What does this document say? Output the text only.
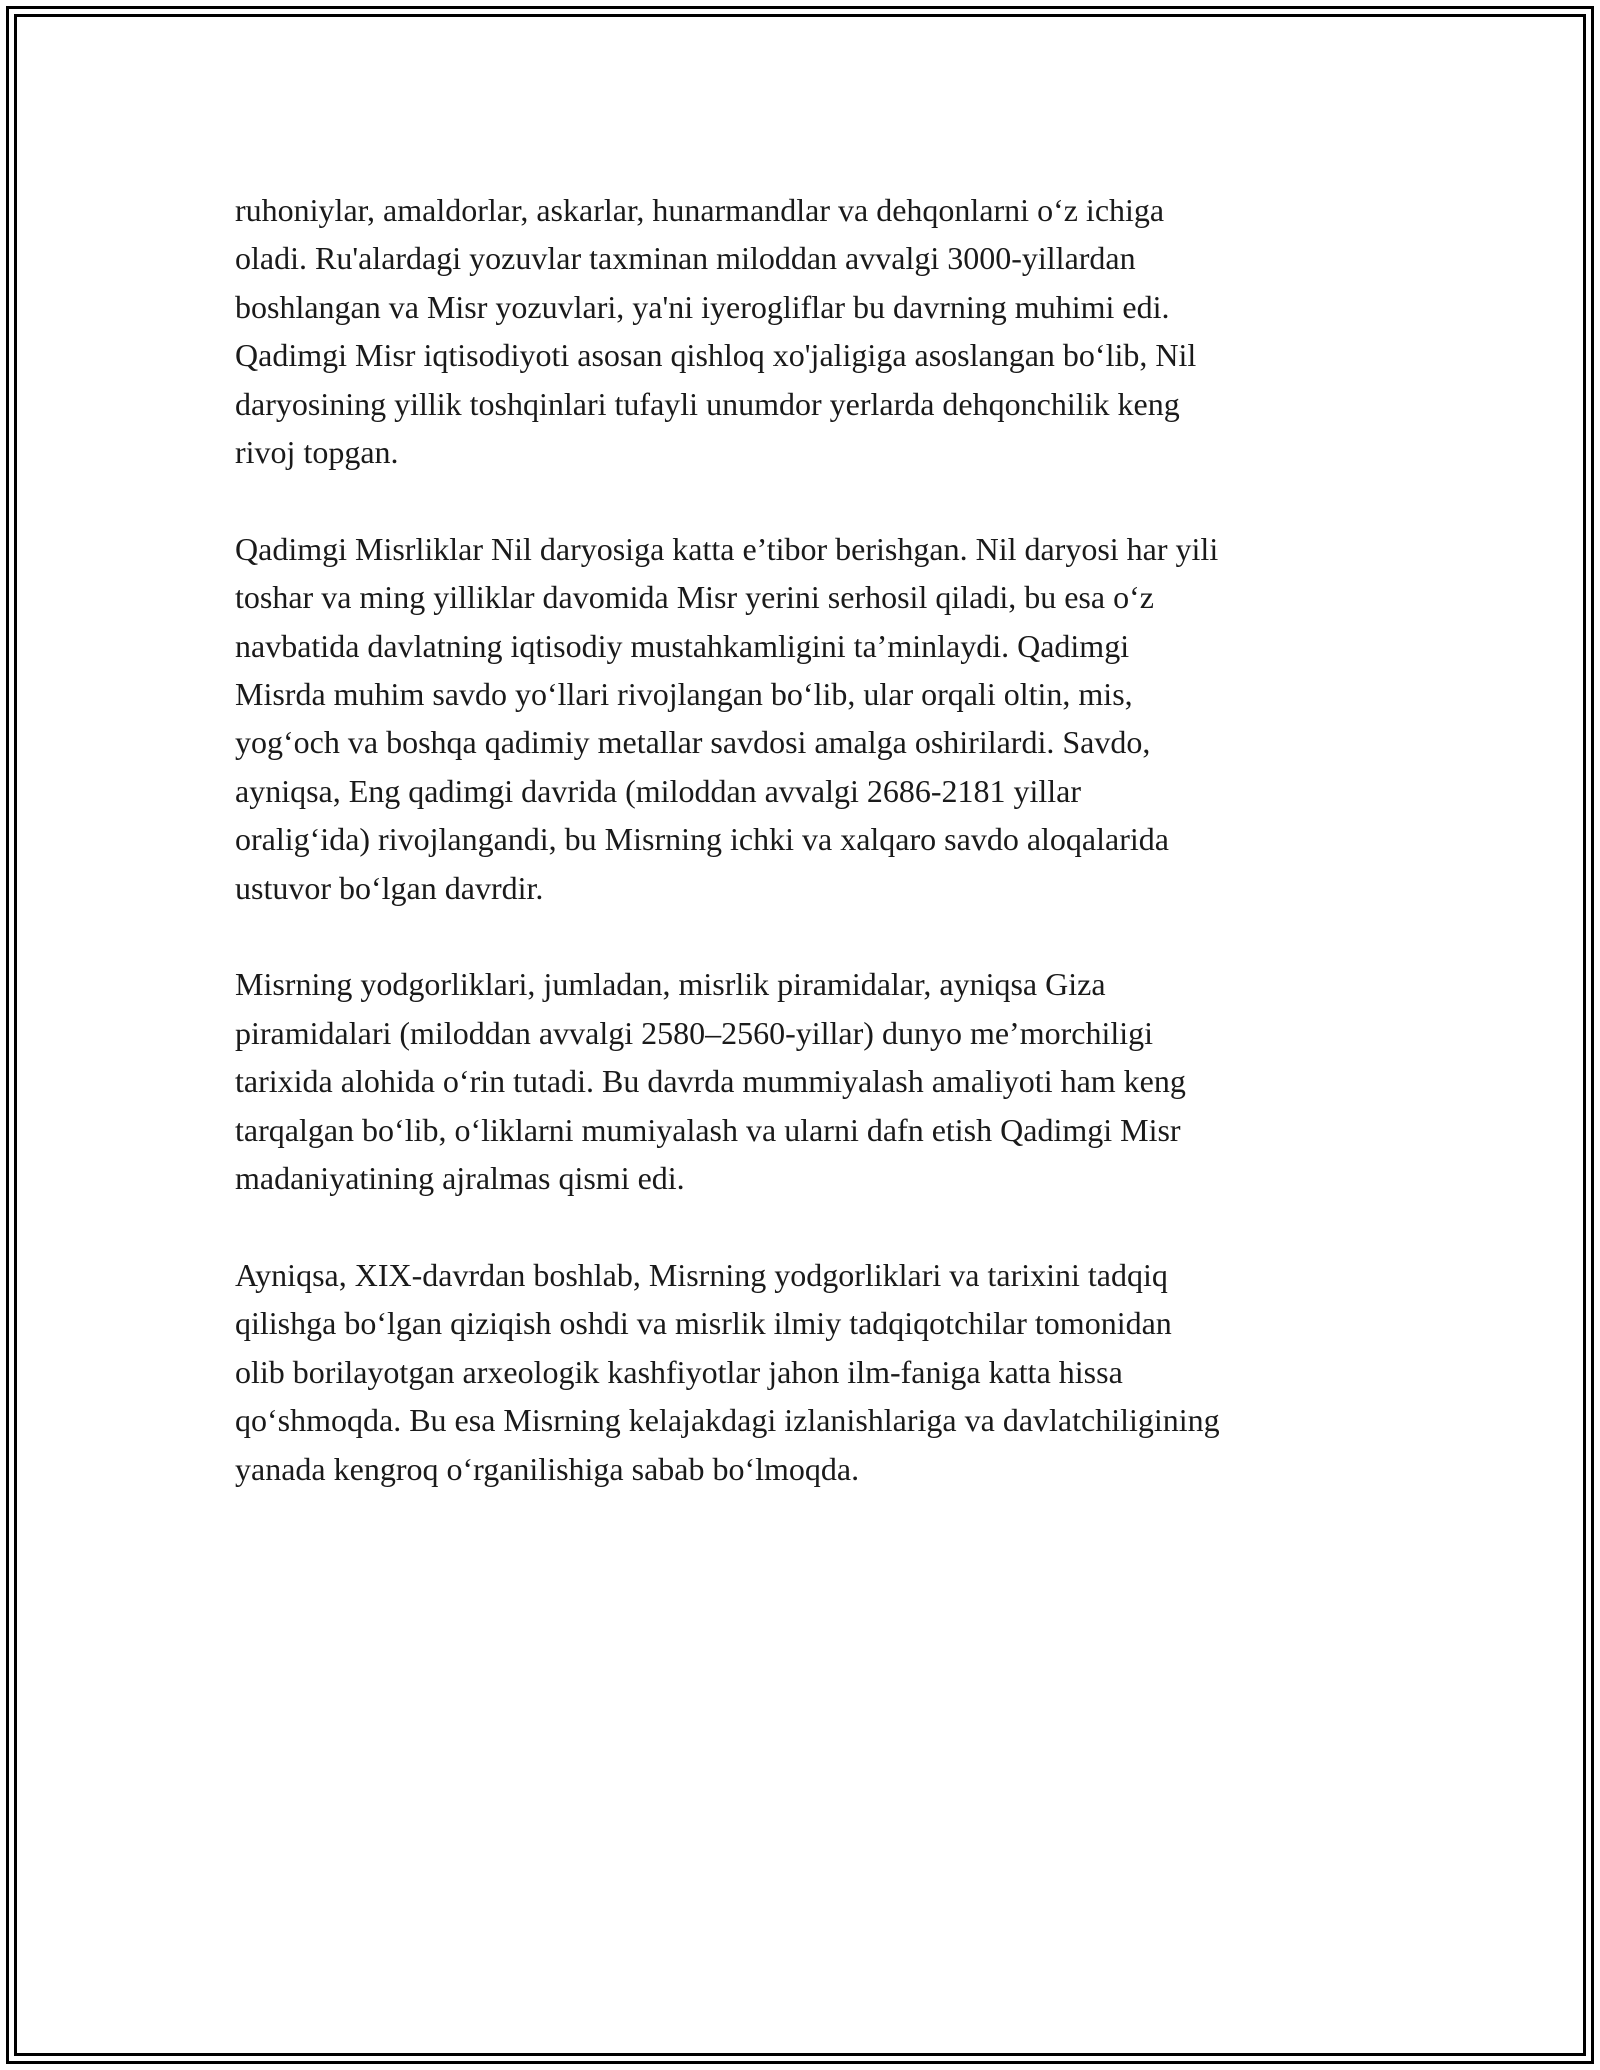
ruhoniylar, amaldorlar, askarlar, hunarmandlar va dehqonlarni o‘z ichiga
oladi. Ru'alardagi yozuvlar taxminan miloddan avvalgi 3000-yillardan
boshlangan va Misr yozuvlari, ya'ni iyerogliflar bu davrning muhimi edi.
Qadimgi Misr iqtisodiyoti asosan qishloq xo'jaligiga asoslangan bo‘lib, Nil
daryosining yillik toshqinlari tufayli unumdor yerlarda dehqonchilik keng
rivoj topgan.

Qadimgi Misrliklar Nil daryosiga katta e’tibor berishgan. Nil daryosi har yili
toshar va ming yilliklar davomida Misr yerini serhosil qiladi, bu esa o‘z
navbatida davlatning iqtisodiy mustahkamligini ta’minlaydi. Qadimgi
Misrda muhim savdo yo‘llari rivojlangan bo‘lib, ular orqali oltin, mis,
yog‘och va boshqa qadimiy metallar savdosi amalga oshirilardi. Savdo,
ayniqsa, Eng qadimgi davrida (miloddan avvalgi 2686-2181 yillar
oralig‘ida) rivojlangandi, bu Misrning ichki va xalqaro savdo aloqalarida
ustuvor bo‘lgan davrdir.

Misrning yodgorliklari, jumladan, misrlik piramidalar, ayniqsa Giza
piramidalari (miloddan avvalgi 2580–2560-yillar) dunyo me’morchiligi
tarixida alohida o‘rin tutadi. Bu davrda mummiyalash amaliyoti ham keng
tarqalgan bo‘lib, o‘liklarni mumiyalash va ularni dafn etish Qadimgi Misr
madaniyatining ajralmas qismi edi.

Ayniqsa, XIX-davrdan boshlab, Misrning yodgorliklari va tarixini tadqiq
qilishga bo‘lgan qiziqish oshdi va misrlik ilmiy tadqiqotchilar tomonidan
olib borilayotgan arxeologik kashfiyotlar jahon ilm-faniga katta hissa
qo‘shmoqda. Bu esa Misrning kelajakdagi izlanishlariga va davlatchiligining
yanada kengroq o‘rganilishiga sabab bo‘lmoqda.
